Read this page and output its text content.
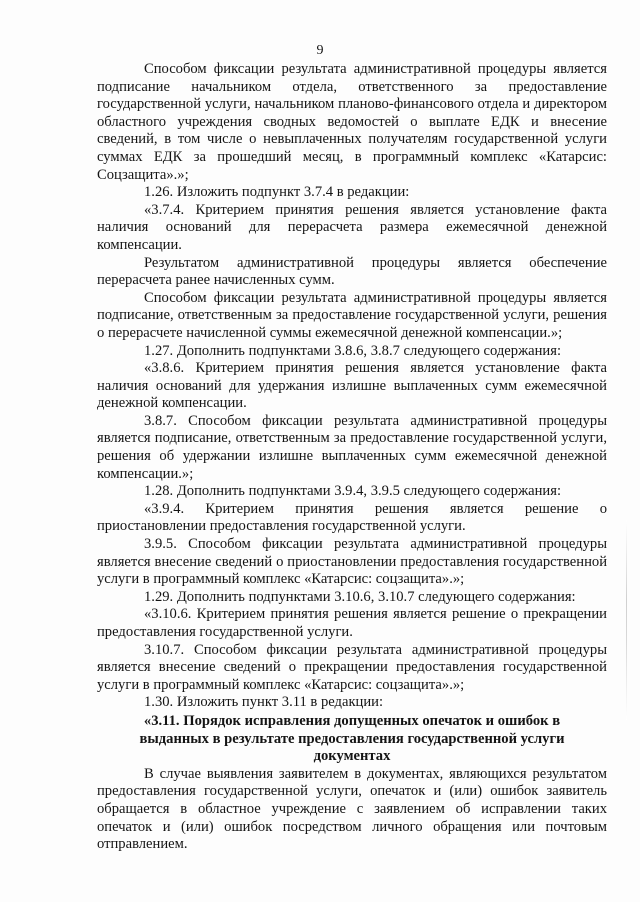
9

Способом фиксации результата административной процедуры является подписание начальником отдела, ответственного за предоставление государственной услуги, начальником планово-финансового отдела и директором областного учреждения сводных ведомостей о выплате ЕДК и внесение сведений, в том числе о невыплаченных получателям государственной услуги суммах ЕДК за прошедший месяц, в программный комплекс «Катарсис: Соцзащита».»;

1.26. Изложить подпункт 3.7.4 в редакции:

«3.7.4. Критерием принятия решения является установление факта наличия оснований для перерасчета размера ежемесячной денежной компенсации.

Результатом административной процедуры является обеспечение перерасчета ранее начисленных сумм.

Способом фиксации результата административной процедуры является подписание, ответственным за предоставление государственной услуги, решения о перерасчете начисленной суммы ежемесячной денежной компенсации.»;

1.27. Дополнить подпунктами 3.8.6, 3.8.7 следующего содержания:

«3.8.6. Критерием принятия решения является установление факта наличия оснований для удержания излишне выплаченных сумм ежемесячной денежной компенсации.

3.8.7. Способом фиксации результата административной процедуры является подписание, ответственным за предоставление государственной услуги, решения об удержании излишне выплаченных сумм ежемесячной денежной компенсации.»;

1.28. Дополнить подпунктами 3.9.4, 3.9.5 следующего содержания:

«3.9.4. Критерием принятия решения является решение о приостановлении предоставления государственной услуги.

3.9.5. Способом фиксации результата административной процедуры является внесение сведений о приостановлении предоставления государственной услуги в программный комплекс «Катарсис: соцзащита».»;

1.29. Дополнить подпунктами 3.10.6, 3.10.7 следующего содержания:

«3.10.6. Критерием принятия решения является решение о прекращении предоставления государственной услуги.

3.10.7. Способом фиксации результата административной процедуры является внесение сведений о прекращении предоставления государственной услуги в программный комплекс «Катарсис: соцзащита».»;

1.30. Изложить пункт 3.11 в редакции:

«3.11. Порядок исправления допущенных опечаток и ошибок в выданных в результате предоставления государственной услуги документах

В случае выявления заявителем в документах, являющихся результатом предоставления государственной услуги, опечаток и (или) ошибок заявитель обращается в областное учреждение с заявлением об исправлении таких опечаток и (или) ошибок посредством личного обращения или почтовым отправлением.
